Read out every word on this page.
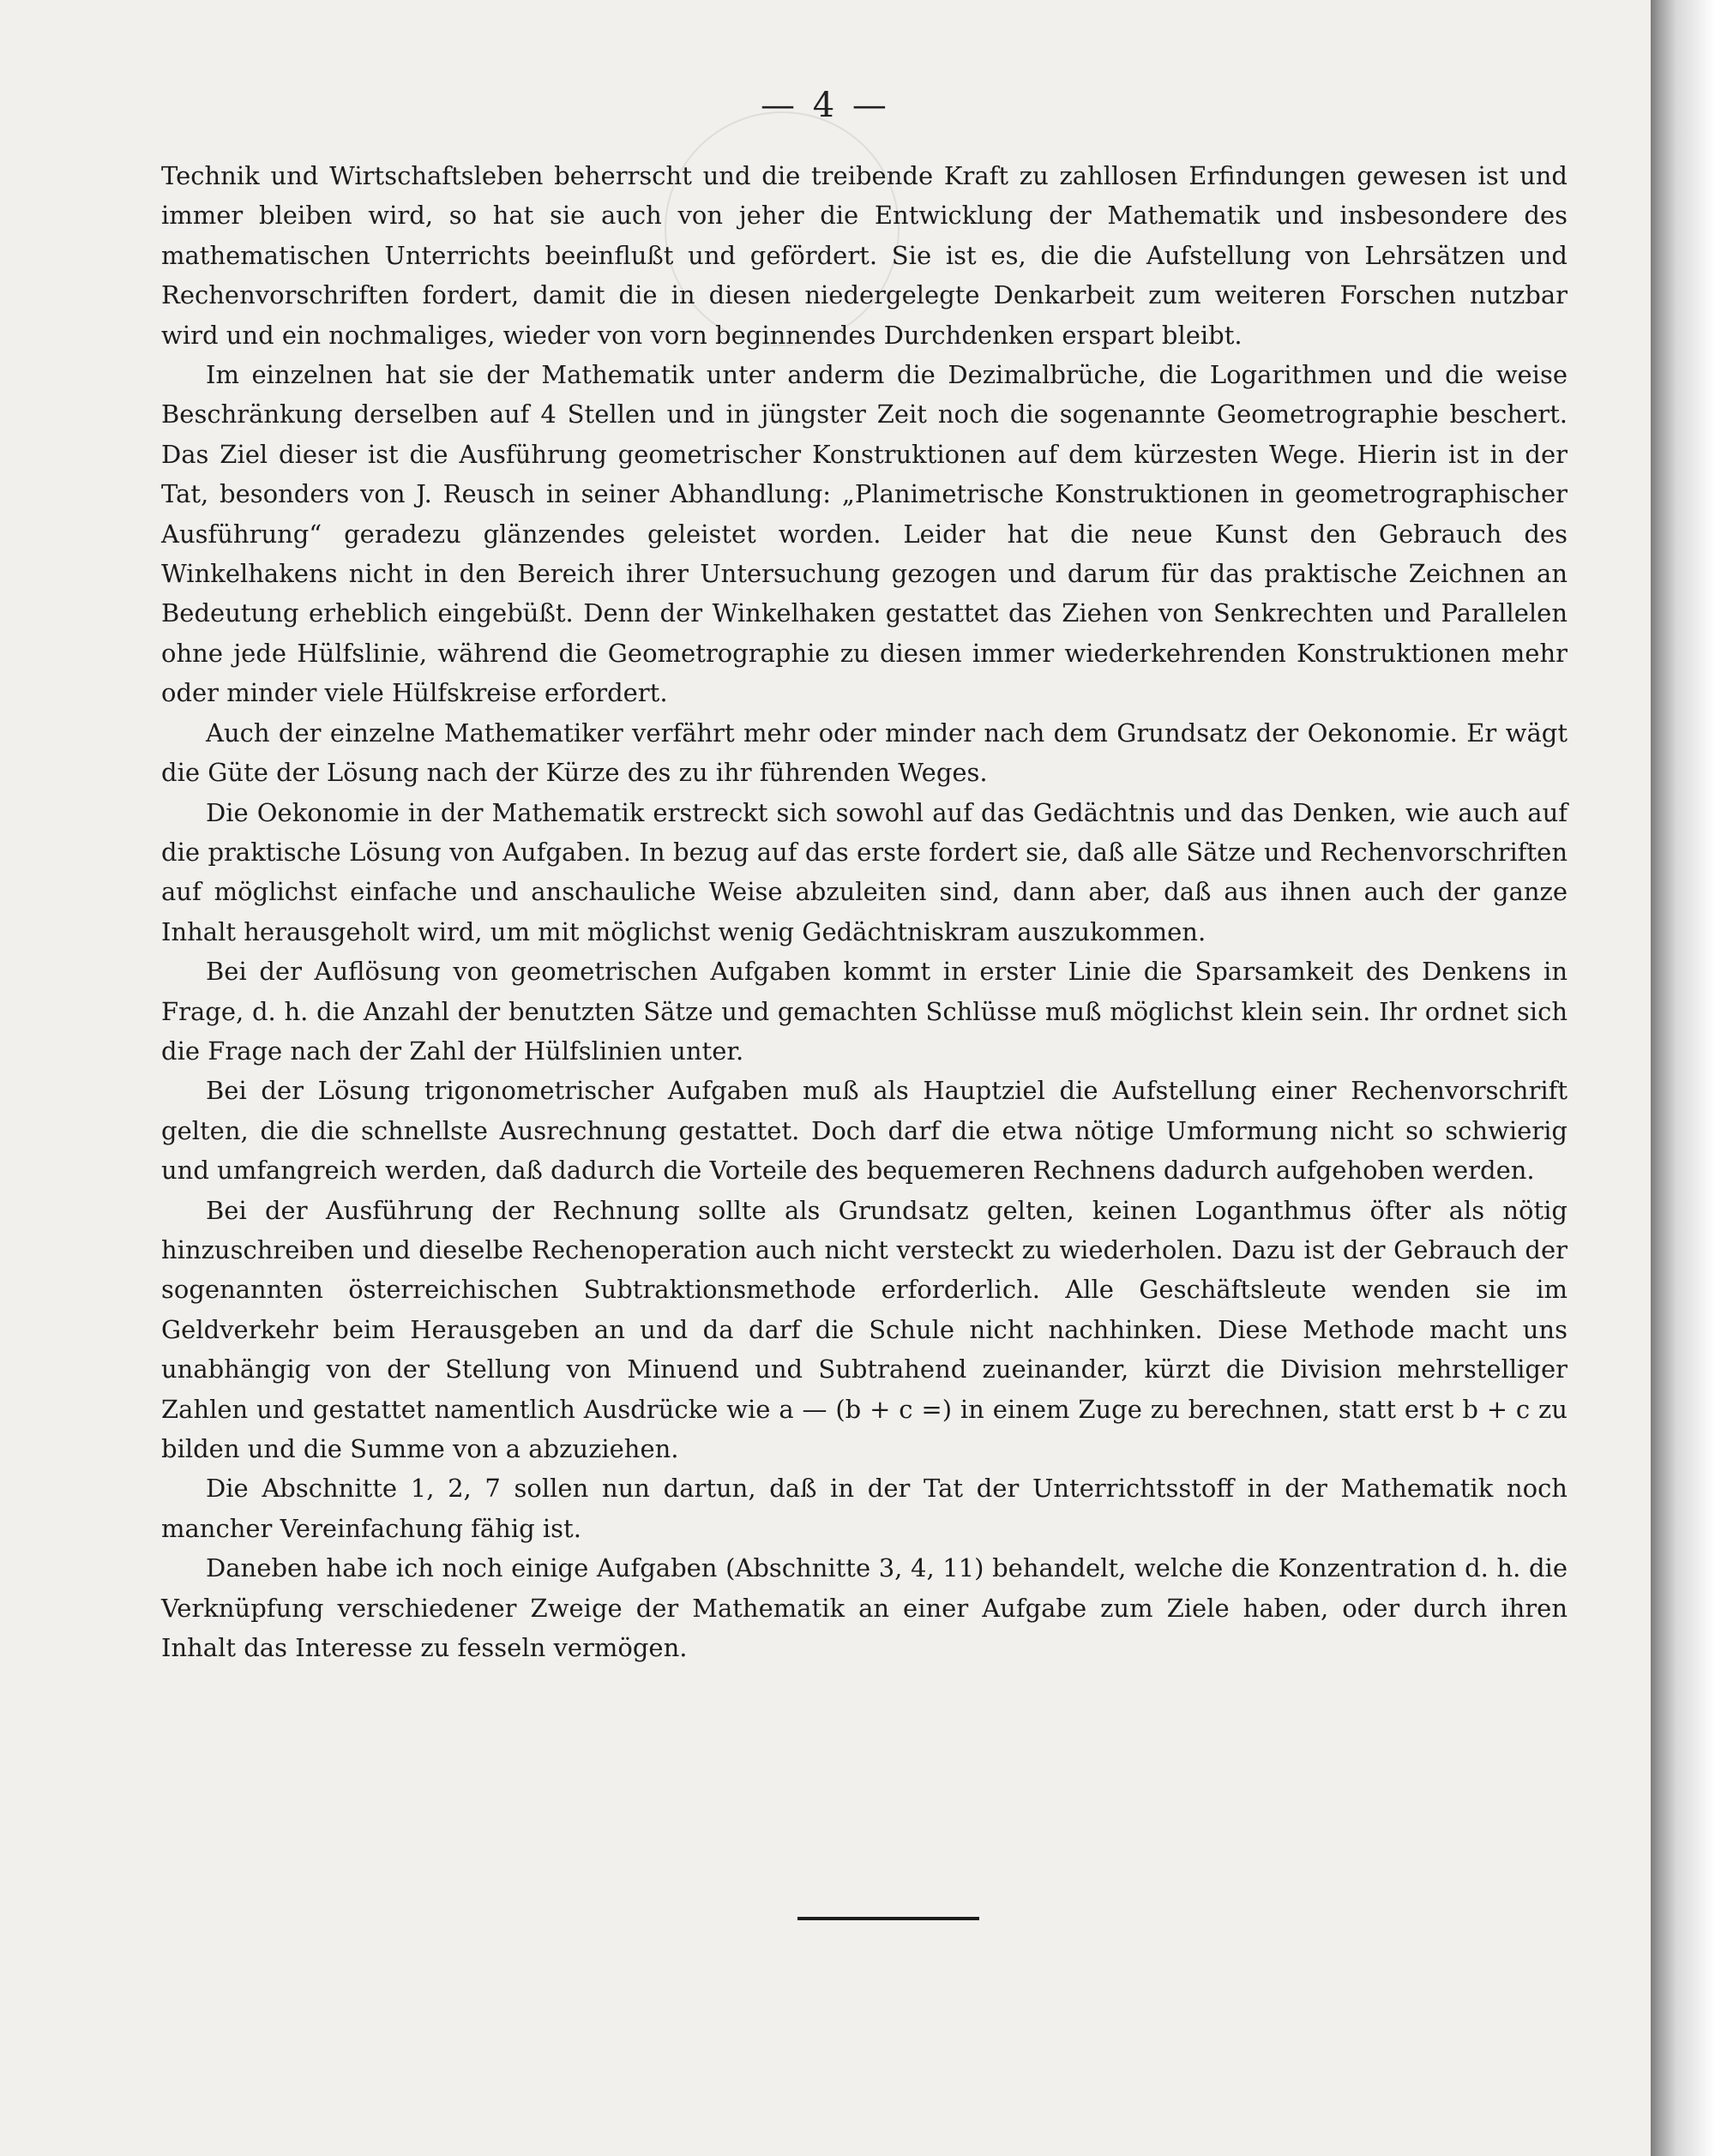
— 4 —

Technik und Wirtschaftsleben beherrscht und die treibende Kraft zu zahllosen Erfindungen gewesen ist und immer bleiben wird, so hat sie auch von jeher die Entwicklung der Mathematik und insbesondere des mathematischen Unterrichts beeinflußt und gefördert. Sie ist es, die die Aufstellung von Lehrsätzen und Rechenvorschriften fordert, damit die in diesen niedergelegte Denkarbeit zum weiteren Forschen nutzbar wird und ein nochmaliges, wieder von vorn beginnendes Durchdenken erspart bleibt.

Im einzelnen hat sie der Mathematik unter anderm die Dezimalbrüche, die Logarithmen und die weise Beschränkung derselben auf 4 Stellen und in jüngster Zeit noch die sogenannte Geometrographie beschert. Das Ziel dieser ist die Ausführung geometrischer Konstruktionen auf dem kürzesten Wege. Hierin ist in der Tat, besonders von J. Reusch in seiner Abhandlung: „Planimetrische Konstruktionen in geometrographischer Ausführung“ geradezu glänzendes geleistet worden. Leider hat die neue Kunst den Gebrauch des Winkelhakens nicht in den Bereich ihrer Untersuchung gezogen und darum für das praktische Zeichnen an Bedeutung erheblich eingebüßt. Denn der Winkelhaken gestattet das Ziehen von Senkrechten und Parallelen ohne jede Hülfslinie, während die Geometrographie zu diesen immer wiederkehrenden Konstruktionen mehr oder minder viele Hülfskreise erfordert.

Auch der einzelne Mathematiker verfährt mehr oder minder nach dem Grundsatz der Oekonomie. Er wägt die Güte der Lösung nach der Kürze des zu ihr führenden Weges.

Die Oekonomie in der Mathematik erstreckt sich sowohl auf das Gedächtnis und das Denken, wie auch auf die praktische Lösung von Aufgaben. In bezug auf das erste fordert sie, daß alle Sätze und Rechenvorschriften auf möglichst einfache und anschauliche Weise abzuleiten sind, dann aber, daß aus ihnen auch der ganze Inhalt herausgeholt wird, um mit möglichst wenig Gedächtniskram auszukommen.

Bei der Auflösung von geometrischen Aufgaben kommt in erster Linie die Sparsamkeit des Denkens in Frage, d. h. die Anzahl der benutzten Sätze und gemachten Schlüsse muß möglichst klein sein. Ihr ordnet sich die Frage nach der Zahl der Hülfslinien unter.

Bei der Lösung trigonometrischer Aufgaben muß als Hauptziel die Aufstellung einer Rechenvorschrift gelten, die die schnellste Ausrechnung gestattet. Doch darf die etwa nötige Umformung nicht so schwierig und umfangreich werden, daß dadurch die Vorteile des bequemeren Rechnens dadurch aufgehoben werden.

Bei der Ausführung der Rechnung sollte als Grundsatz gelten, keinen Loganthmus öfter als nötig hinzuschreiben und dieselbe Rechenoperation auch nicht versteckt zu wiederholen. Dazu ist der Gebrauch der sogenannten österreichischen Subtraktionsmethode erforderlich. Alle Geschäftsleute wenden sie im Geldverkehr beim Herausgeben an und da darf die Schule nicht nachhinken. Diese Methode macht uns unabhängig von der Stellung von Minuend und Subtrahend zueinander, kürzt die Division mehrstelliger Zahlen und gestattet namentlich Ausdrücke wie a — (b + c =) in einem Zuge zu berechnen, statt erst b + c zu bilden und die Summe von a abzuziehen.

Die Abschnitte 1, 2, 7 sollen nun dartun, daß in der Tat der Unterrichtsstoff in der Mathematik noch mancher Vereinfachung fähig ist.

Daneben habe ich noch einige Aufgaben (Abschnitte 3, 4, 11) behandelt, welche die Konzentration d. h. die Verknüpfung verschiedener Zweige der Mathematik an einer Aufgabe zum Ziele haben, oder durch ihren Inhalt das Interesse zu fesseln vermögen.
